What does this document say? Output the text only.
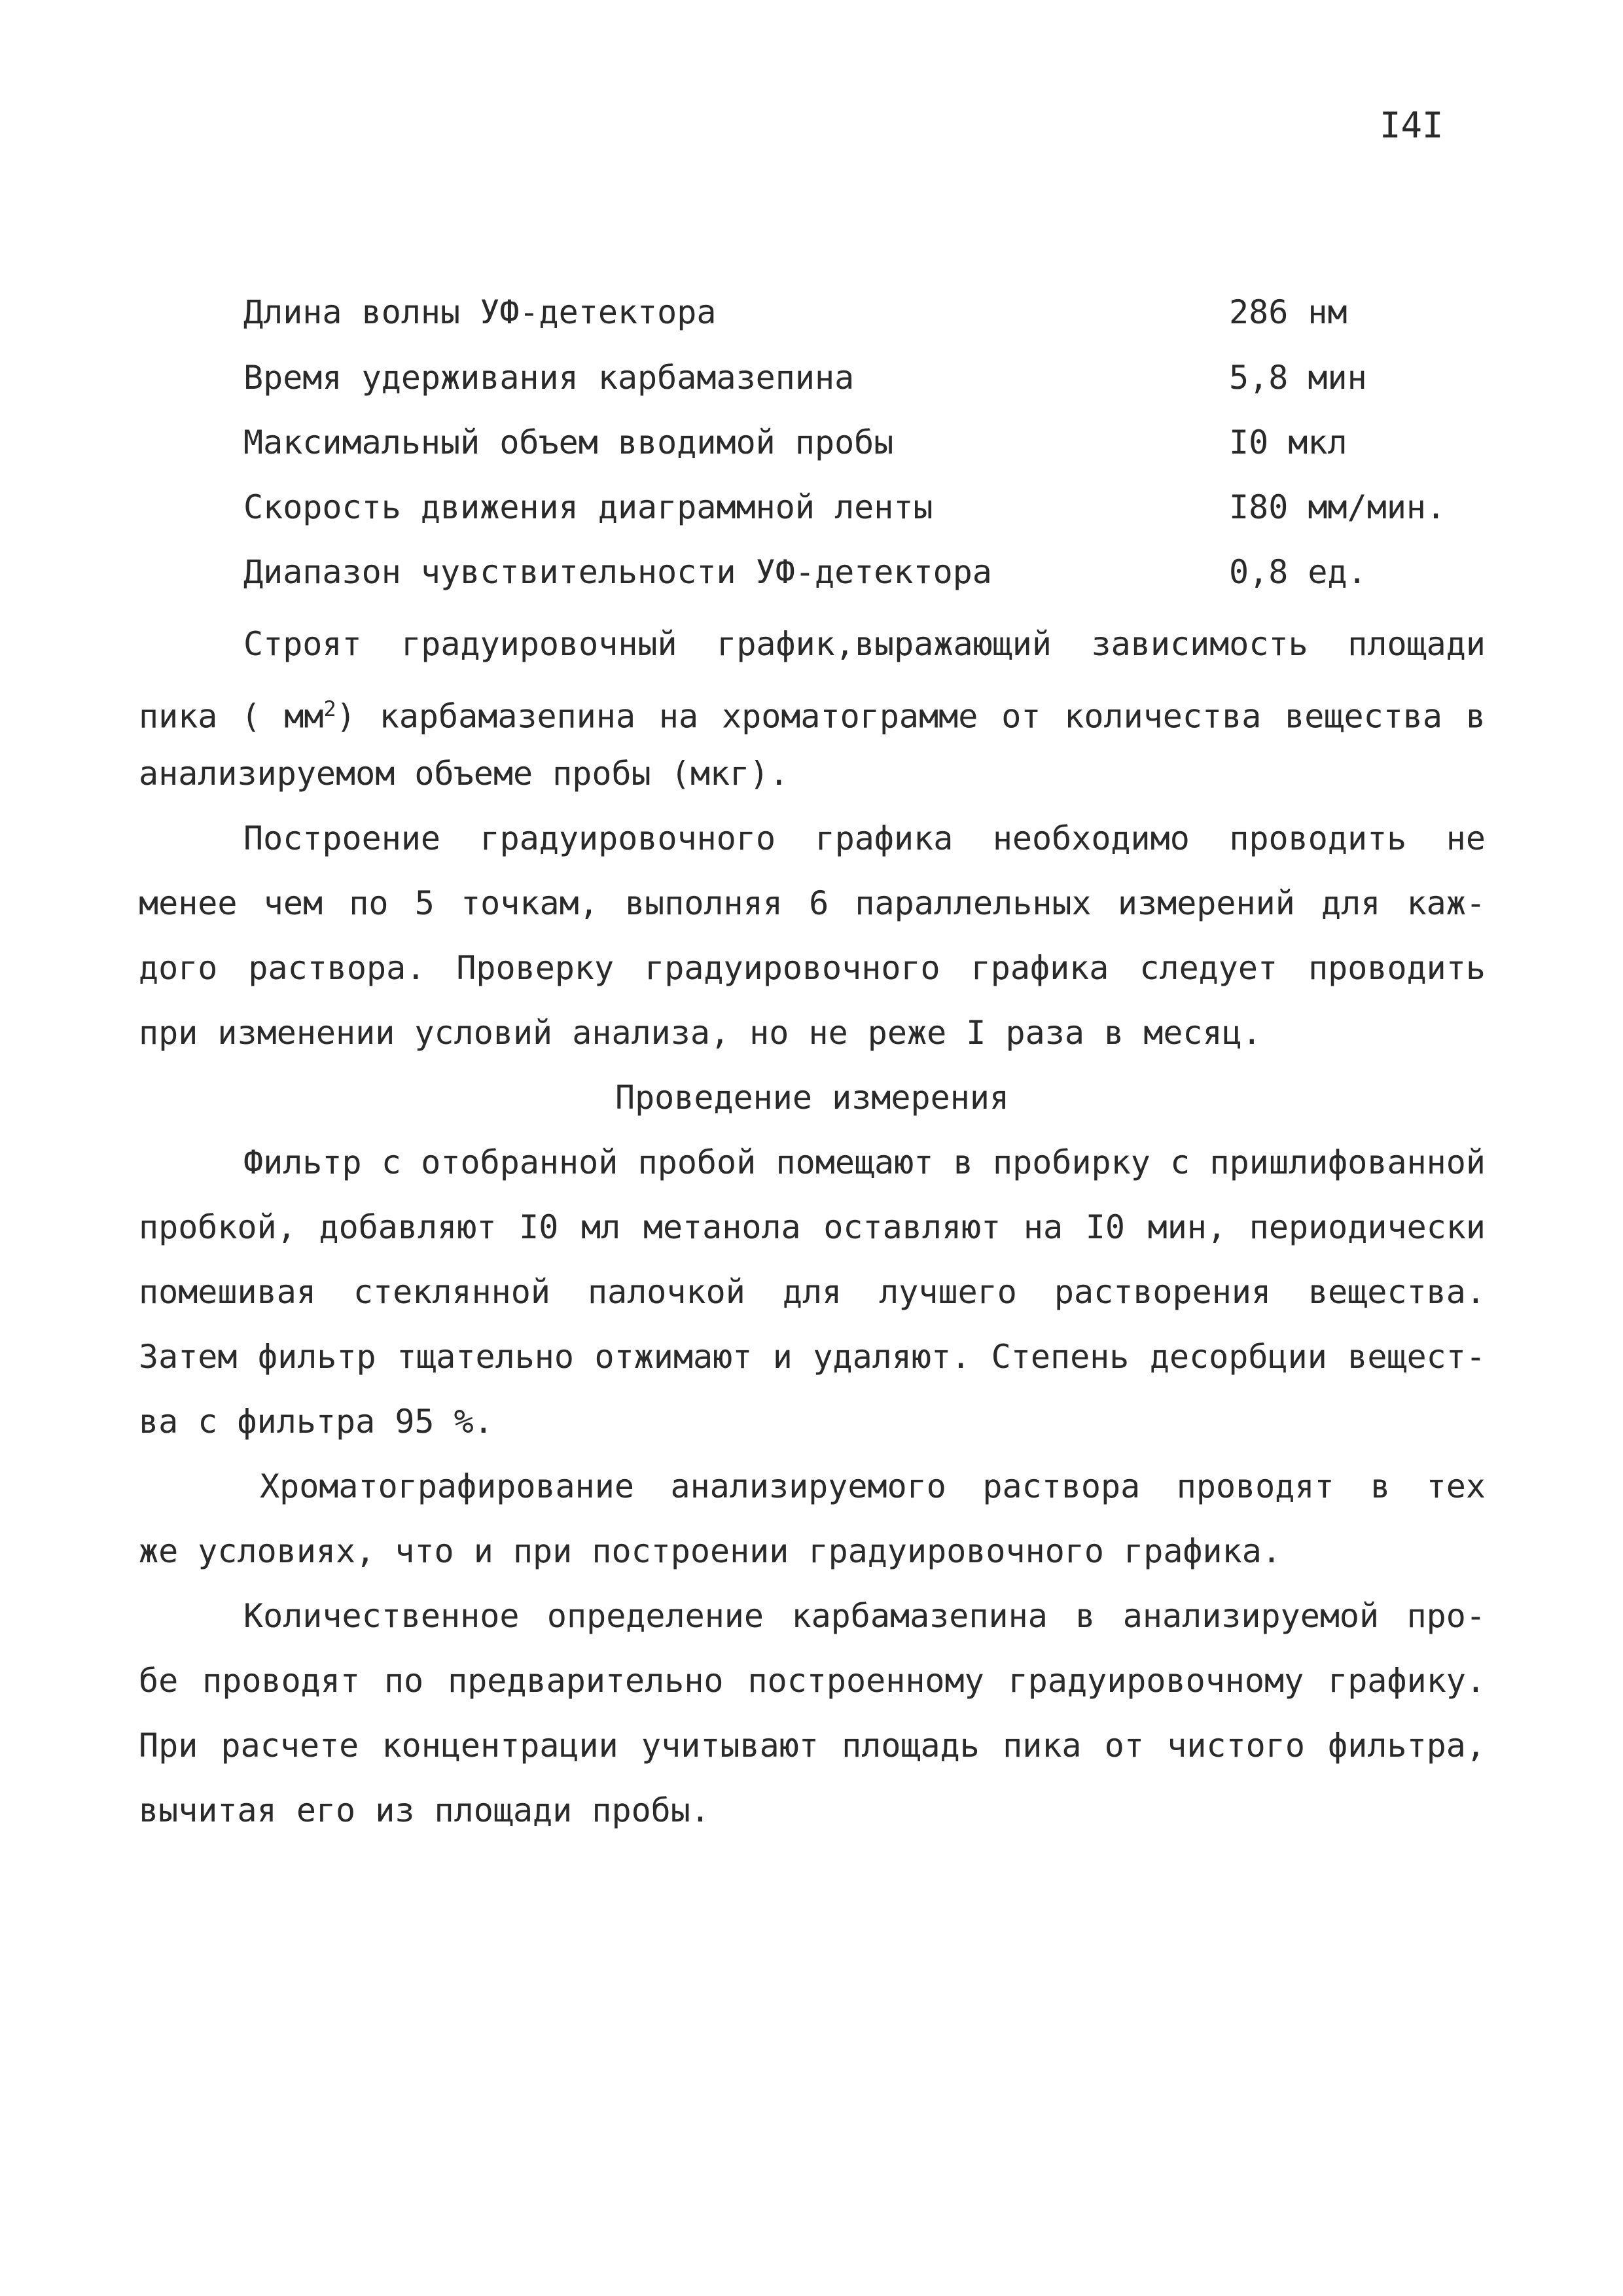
I4I
Длина волны УФ-детектора	286 нм
Время удерживания карбамазепина	5,8 мин
Максимальный объем вводимой пробы	I0 мкл
Скорость движения диаграммной ленты	I80 мм/мин.
Диапазон чувствительности УФ-детектора	0,8 ед.
Строят градуировочный график,выражающий зависимость площади
пика ( $мм^2$) карбамазепина на хроматограмме от количества вещества в
анализируемом объеме пробы (мкг).
Построение градуировочного графика необходимо проводить не
менее чем по 5 точкам, выполняя 6 параллельных измерений для каж-
дого раствора. Проверку градуировочного графика следует проводить
при изменении условий анализа, но не реже I раза в месяц.
Проведение измерения
Фильтр с отобранной пробой помещают в пробирку с пришлифованной
пробкой, добавляют I0 мл метанола оставляют на I0 мин, периодически
помешивая стеклянной палочкой для лучшего растворения вещества.
Затем фильтр тщательно отжимают и удаляют. Степень десорбции вещест-
ва с фильтра 95 %.
Хроматографирование анализируемого раствора проводят в тех
же условиях, что и при построении градуировочного графика.
Количественное определение карбамазепина в анализируемой про-
бе проводят по предварительно построенному градуировочному графику.
При расчете концентрации учитывают площадь пика от чистого фильтра,
вычитая его из площади пробы.
